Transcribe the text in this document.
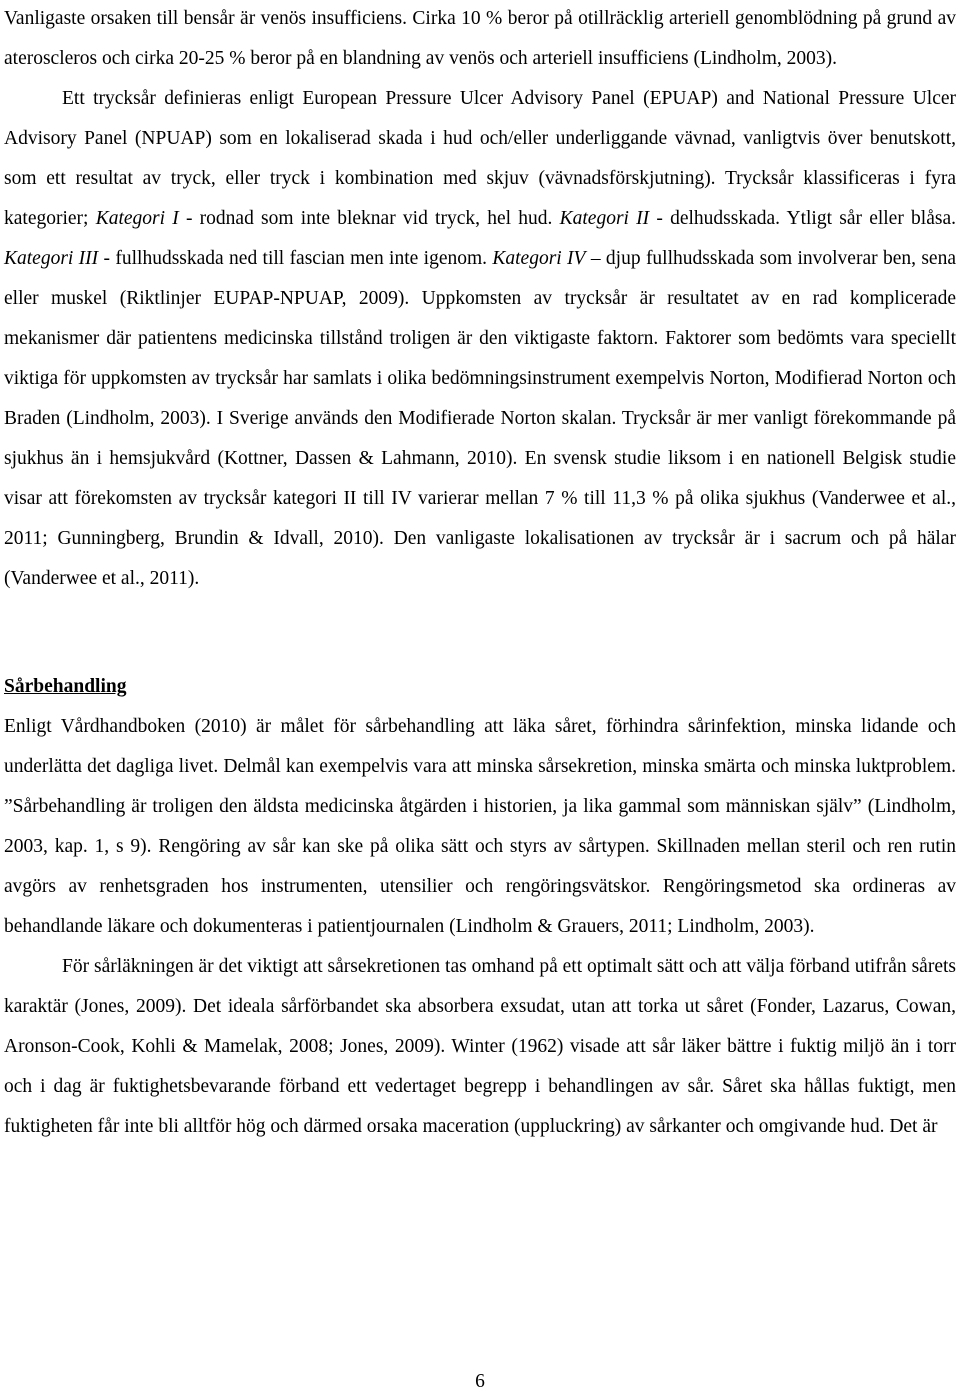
Vanligaste orsaken till bensår är venös insufficiens. Cirka 10 % beror på otillräcklig arteriell genomblödning på grund av ateroscleros och cirka 20-25 % beror på en blandning av venös och arteriell insufficiens (Lindholm, 2003).

Ett trycksår definieras enligt European Pressure Ulcer Advisory Panel (EPUAP) and National Pressure Ulcer Advisory Panel (NPUAP) som en lokaliserad skada i hud och/eller underliggande vävnad, vanligtvis över benutskott, som ett resultat av tryck, eller tryck i kombination med skjuv (vävnadsförskjutning). Trycksår klassificeras i fyra kategorier; Kategori I - rodnad som inte bleknar vid tryck, hel hud. Kategori II - delhudsskada. Ytligt sår eller blåsa. Kategori III - fullhudsskada ned till fascian men inte igenom. Kategori IV – djup fullhudsskada som involverar ben, sena eller muskel (Riktlinjer EUPAP-NPUAP, 2009). Uppkomsten av trycksår är resultatet av en rad komplicerade mekanismer där patientens medicinska tillstånd troligen är den viktigaste faktorn. Faktorer som bedömts vara speciellt viktiga för uppkomsten av trycksår har samlats i olika bedömningsinstrument exempelvis Norton, Modifierad Norton och Braden (Lindholm, 2003). I Sverige används den Modifierade Norton skalan. Trycksår är mer vanligt förekommande på sjukhus än i hemsjukvård (Kottner, Dassen & Lahmann, 2010). En svensk studie liksom i en nationell Belgisk studie visar att förekomsten av trycksår kategori II till IV varierar mellan 7 % till 11,3 % på olika sjukhus (Vanderwee et al., 2011; Gunningberg, Brundin & Idvall, 2010). Den vanligaste lokalisationen av trycksår är i sacrum och på hälar (Vanderwee et al., 2011).

Sårbehandling

Enligt Vårdhandboken (2010) är målet för sårbehandling att läka såret, förhindra sårinfektion, minska lidande och underlätta det dagliga livet. Delmål kan exempelvis vara att minska sårsekretion, minska smärta och minska luktproblem. ”Sårbehandling är troligen den äldsta medicinska åtgärden i historien, ja lika gammal som människan själv” (Lindholm, 2003, kap. 1, s 9). Rengöring av sår kan ske på olika sätt och styrs av sårtypen. Skillnaden mellan steril och ren rutin avgörs av renhetsgraden hos instrumenten, utensilier och rengöringsvätskor. Rengöringsmetod ska ordineras av behandlande läkare och dokumenteras i patientjournalen (Lindholm & Grauers, 2011; Lindholm, 2003).

För sårläkningen är det viktigt att sårsekretionen tas omhand på ett optimalt sätt och att välja förband utifrån sårets karaktär (Jones, 2009). Det ideala sårförbandet ska absorbera exsudat, utan att torka ut såret (Fonder, Lazarus, Cowan, Aronson-Cook, Kohli & Mamelak, 2008; Jones, 2009). Winter (1962) visade att sår läker bättre i fuktig miljö än i torr och i dag är fuktighetsbevarande förband ett vedertaget begrepp i behandlingen av sår. Såret ska hållas fuktigt, men fuktigheten får inte bli alltför hög och därmed orsaka maceration (uppluckring) av sårkanter och omgivande hud. Det är

6
